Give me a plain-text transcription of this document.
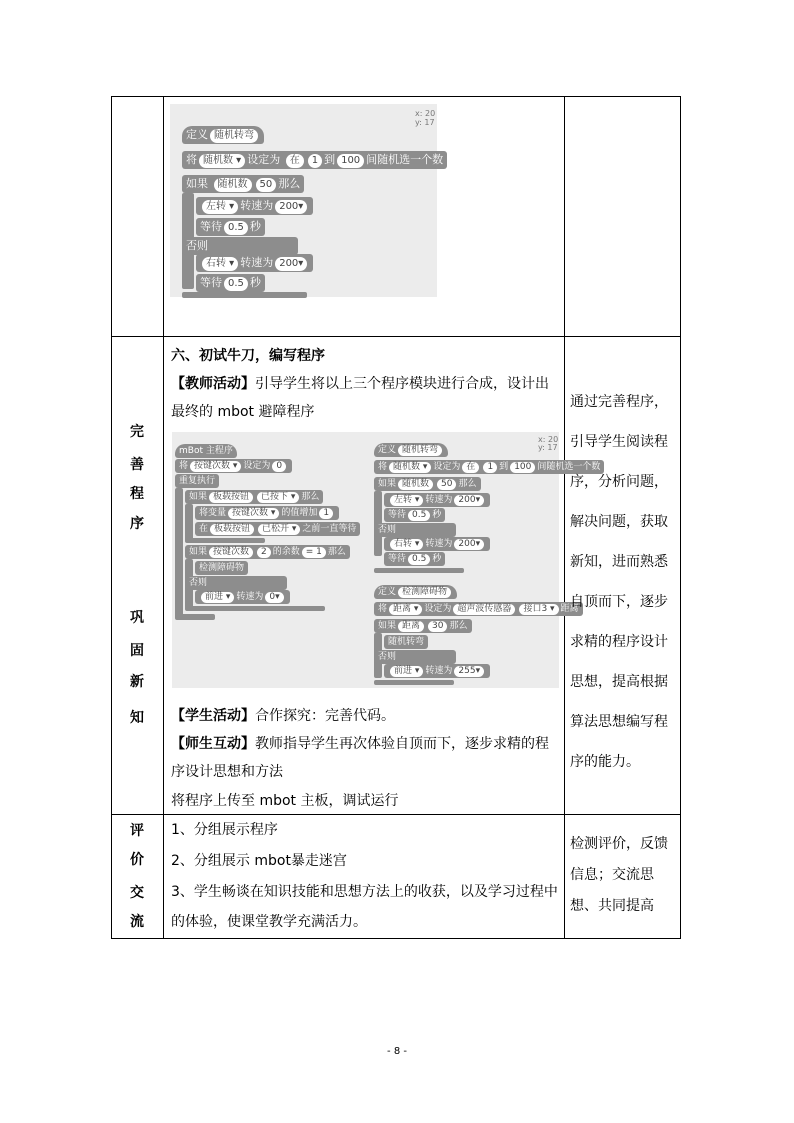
完
善
程
序
巩
固
新
知
评
价
交
流
x: 20
y: 17
定义 随机转弯
将 随机数 ▾ 设定为 在 1 到 100 间随机选一个数
如果 随机数 50 那么
左转 ▾ 转速为 200▾
等待 0.5 秒
否则
右转 ▾ 转速为 200▾
等待 0.5 秒
六、初试牛刀，编写程序
【教师活动】引导学生将以上三个程序模块进行合成，设计出
最终的 mbot 避障程序
x: 20
y: 17
mBot 主程序
将 按键次数 ▾ 设定为 0
重复执行
如果 板载按钮 已按下 ▾ 那么
将变量 按键次数 ▾ 的值增加 1
在 板载按钮 已松开 ▾ 之前一直等待
如果 按键次数 2 的余数 = 1 那么
检测障碍物
否则
前进 ▾ 转速为 0▾
定义 随机转弯
将 随机数 ▾ 设定为 在 1 到 100 间随机选一个数
如果 随机数 50 那么
左转 ▾ 转速为 200▾
等待 0.5 秒
否则
右转 ▾ 转速为 200▾
等待 0.5 秒
定义 检测障碍物
将 距离 ▾ 设定为 超声波传感器 接口3 ▾ 距离
如果 距离 30 那么
随机转弯
否则
前进 ▾ 转速为 255▾
【学生活动】合作探究：完善代码。
【师生互动】教师指导学生再次体验自顶而下，逐步求精的程
序设计思想和方法
将程序上传至 mbot 主板，调试运行
1、分组展示程序
2、分组展示 mbot暴走迷宫
3、学生畅谈在知识技能和思想方法上的收获，以及学习过程中
的体验，使课堂教学充满活力。
通过完善程序，
引导学生阅读程
序，分析问题，
解决问题，获取
新知，进而熟悉
自顶而下，逐步
求精的程序设计
思想，提高根据
算法思想编写程
序的能力。
检测评价，反馈
信息；交流思
想、共同提高
- 8 -
